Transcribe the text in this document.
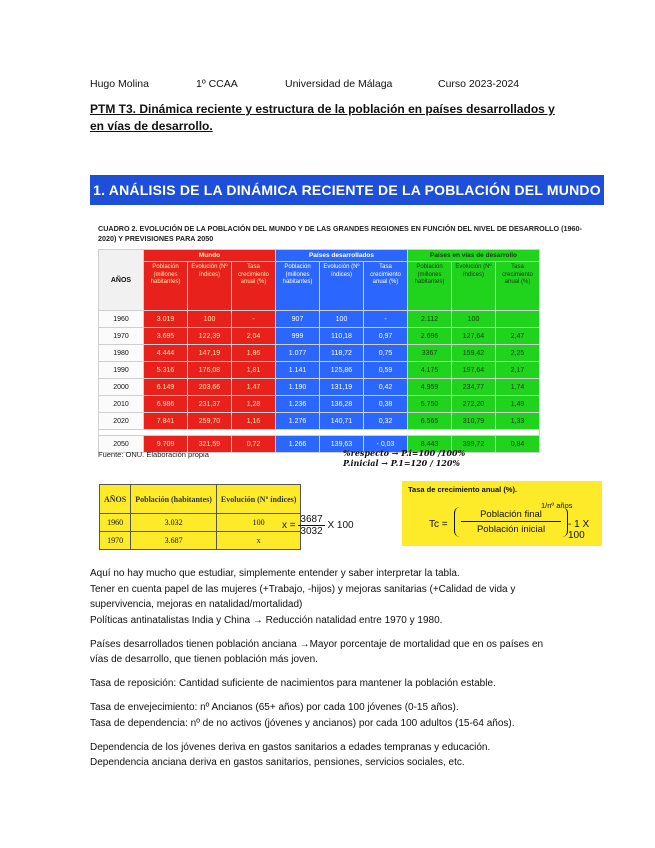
Hugo Molina	1º CCAA	Universidad de Málaga	Curso 2023-2024
PTM T3. Dinámica reciente y estructura de la población en países desarrollados y en vías de desarrollo.
1. ANÁLISIS DE LA DINÁMICA RECIENTE DE LA POBLACIÓN DEL MUNDO
CUADRO 2. EVOLUCIÓN DE LA POBLACIÓN DEL MUNDO Y DE LAS GRANDES REGIONES EN FUNCIÓN DEL NIVEL DE DESARROLLO (1960-2020) Y PREVISIONES PARA 2050
AÑOS	Mundo			Países desarrollados			Países en vías de desarrollo		
	Población (millones habitantes)	Evolución (Nº índices)	Tasa crecimiento anual (%)	Población (millones habitantes)	Evolución (Nº índices)	Tasa crecimiento anual (%)	Población (millones habitantes)	Evolución (Nº índices)	Tasa crecimiento anual (%)
1960	3.019	100	-	907	100	-	2.112	100	
1970	3.695	122,39	2,04	999	110,18	0,97	2.696	127,64	2,47
1980	4.444	147,19	1,86	1.077	118,72	0,75	3367	159,42	2,25
1990	5.316	176,08	1,81	1.141	125,86	0,59	4.175	197,64	2,17
2000	6.149	203,66	1,47	1.190	131,19	0,42	4.959	234,77	1,74
2010	6.986	231,37	1,28	1.236	136,28	0,38	5.750	272,20	1,49
2020	7.841	259,70	1,16	1.276	140,71	0,32	6.565	310,79	1,33

2050	9.709	321,59	0,72	1.266	139,63	- 0,03	8.443	399,72	0,84
Fuente: ONU. Elaboración propia	%respecto → P.i=100 /100%
P.inicial → P.1=120 / 120%
AÑOS	Población (habitantes)	Evolución (Nº índices)
1960	3.032	100
1970	3.687	x
$x = \frac{3687}{3032}$ X 100
Tasa de crecimiento anual (%).
Tc =
Población final
Población inicial
1/nº años
- 1 X 100
Aquí no hay mucho que estudiar, simplemente entender y saber interpretar la tabla.
Tener en cuenta papel de las mujeres (+Trabajo, -hijos) y mejoras sanitarias (+Calidad de vida y supervivencia, mejoras en natalidad/mortalidad)
Políticas antinatalistas India y China → Reducción natalidad entre 1970 y 1980.
Países desarrollados tienen población anciana →Mayor porcentaje de mortalidad que en os países en vías de desarrollo, que tienen población más joven.
Tasa de reposición: Cantidad suficiente de nacimientos para mantener la población estable.
Tasa de envejecimiento: nº Ancianos (65+ años) por cada 100 jóvenes (0-15 años).
Tasa de dependencia: nº de no activos (jóvenes y ancianos) por cada 100 adultos (15-64 años).
Dependencia de los jóvenes deriva en gastos sanitarios a edades tempranas y educación.
Dependencia anciana deriva en gastos sanitarios, pensiones, servicios sociales, etc.
